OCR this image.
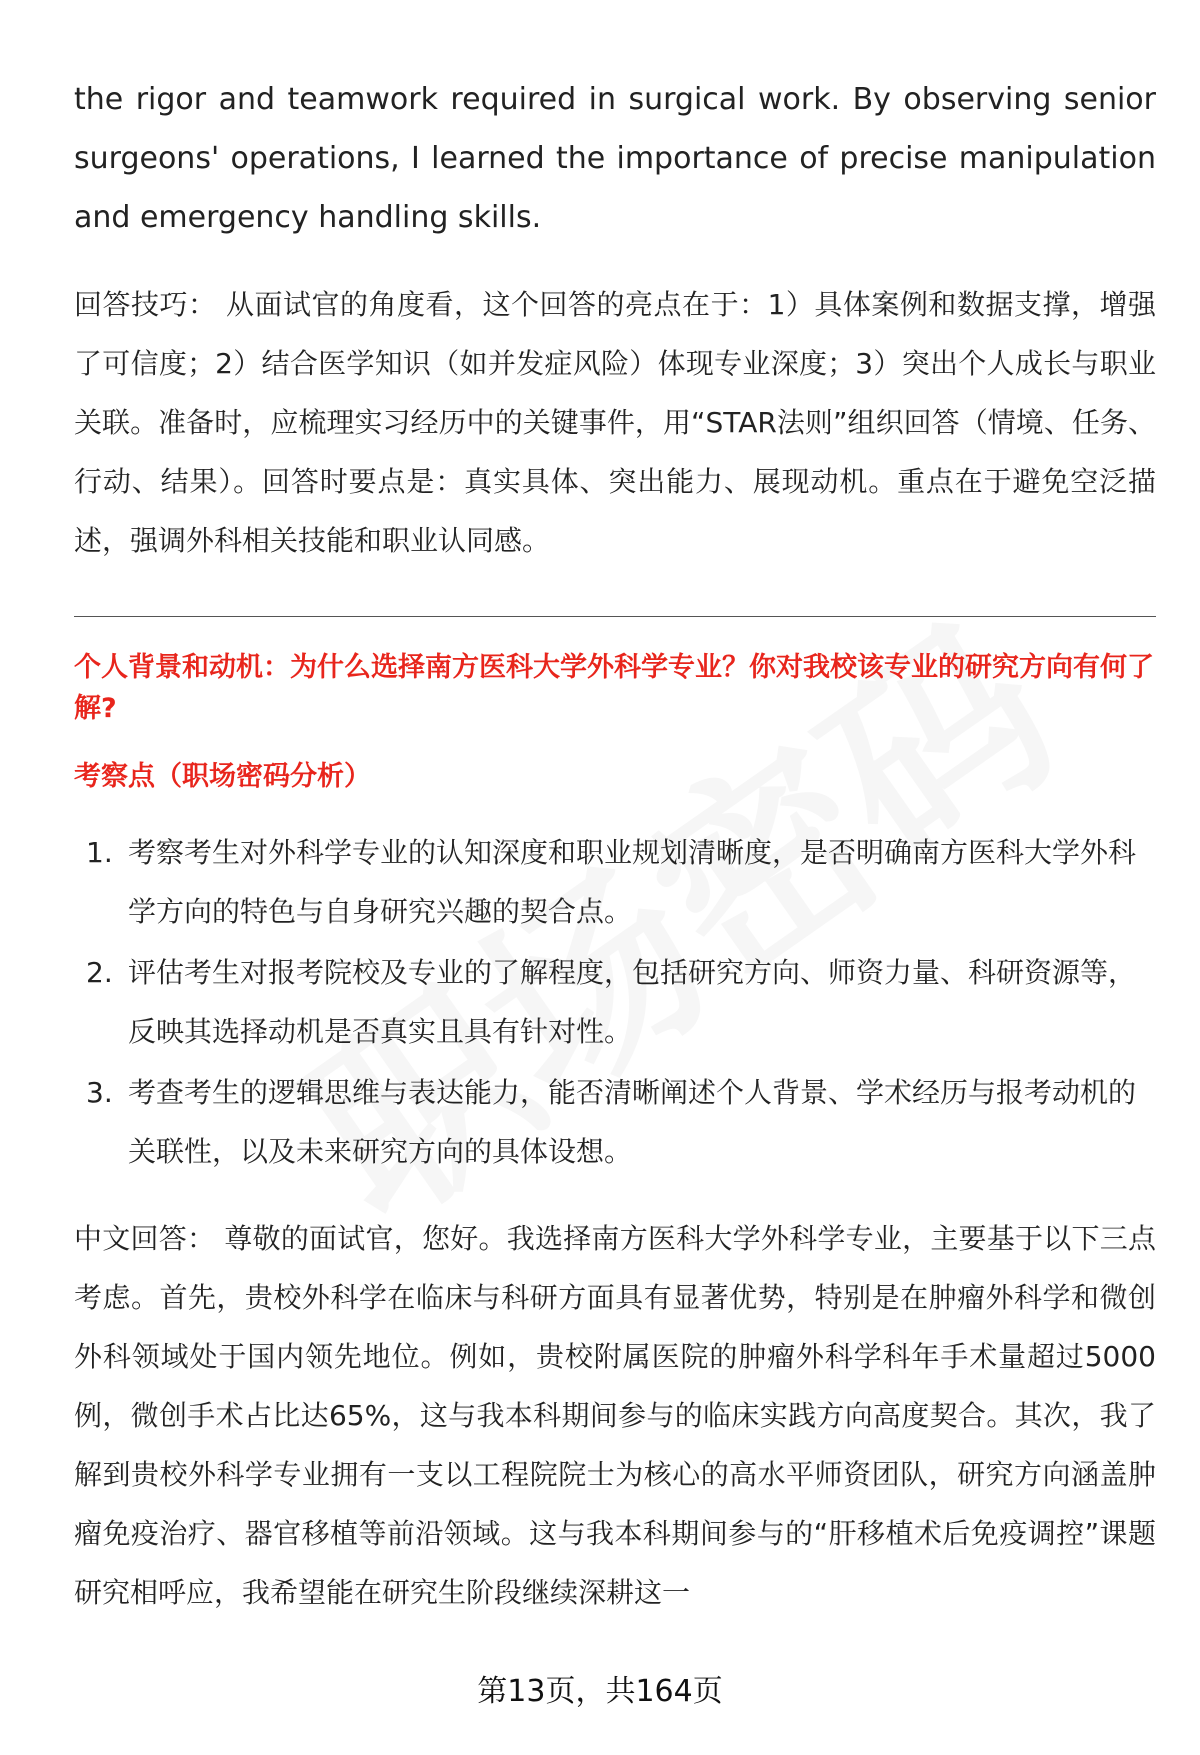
the rigor and teamwork required in surgical work. By observing senior surgeons' operations, I learned the importance of precise manipulation and emergency handling skills.

回答技巧： 从面试官的角度看，这个回答的亮点在于：1）具体案例和数据支撑，增强了可信度；2）结合医学知识（如并发症风险）体现专业深度；3）突出个人成长与职业关联。准备时，应梳理实习经历中的关键事件，用“STAR法则”组织回答（情境、任务、行动、结果）。回答时要点是：真实具体、突出能力、展现动机。重点在于避免空泛描述，强调外科相关技能和职业认同感。

个人背景和动机：为什么选择南方医科大学外科学专业？你对我校该专业的研究方向有何了解?

考察点（职场密码分析）

1. 考察考生对外科学专业的认知深度和职业规划清晰度，是否明确南方医科大学外科学方向的特色与自身研究兴趣的契合点。
2. 评估考生对报考院校及专业的了解程度，包括研究方向、师资力量、科研资源等，反映其选择动机是否真实且具有针对性。
3. 考查考生的逻辑思维与表达能力，能否清晰阐述个人背景、学术经历与报考动机的关联性，以及未来研究方向的具体设想。

中文回答： 尊敬的面试官，您好。我选择南方医科大学外科学专业，主要基于以下三点考虑。首先，贵校外科学在临床与科研方面具有显著优势，特别是在肿瘤外科学和微创外科领域处于国内领先地位。例如，贵校附属医院的肿瘤外科学科年手术量超过5000例，微创手术占比达65%，这与我本科期间参与的临床实践方向高度契合。其次，我了解到贵校外科学专业拥有一支以工程院院士为核心的高水平师资团队，研究方向涵盖肿瘤免疫治疗、器官移植等前沿领域。这与我本科期间参与的“肝移植术后免疫调控”课题研究相呼应，我希望能在研究生阶段继续深耕这一

第13页，共164页
